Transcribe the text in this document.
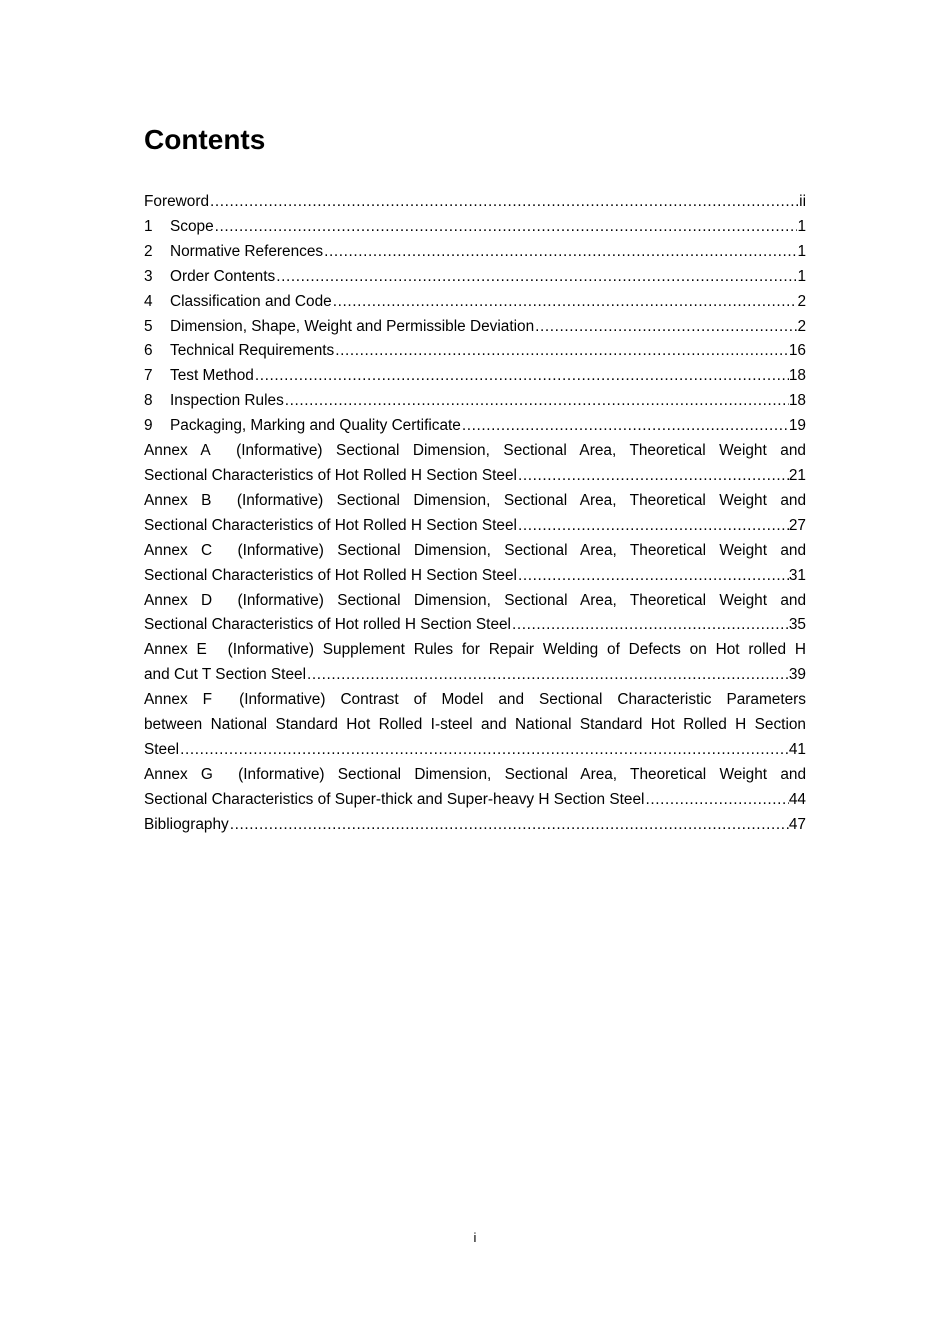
Contents
Foreword .....	ii
1 Scope .....	1
2 Normative References .....	1
3 Order Contents .....	1
4 Classification and Code .....	2
5 Dimension, Shape, Weight and Permissible Deviation .....	2
6 Technical Requirements .....	16
7 Test Method .....	18
8 Inspection Rules .....	18
9 Packaging, Marking and Quality Certificate .....	19
Annex A (Informative) Sectional Dimension, Sectional Area, Theoretical Weight and
Sectional Characteristics of Hot Rolled H Section Steel .....	21
Annex B (Informative) Sectional Dimension, Sectional Area, Theoretical Weight and
Sectional Characteristics of Hot Rolled H Section Steel .....	27
Annex C (Informative) Sectional Dimension, Sectional Area, Theoretical Weight and
Sectional Characteristics of Hot Rolled H Section Steel .....	31
Annex D (Informative) Sectional Dimension, Sectional Area, Theoretical Weight and
Sectional Characteristics of Hot rolled H Section Steel .....	35
Annex E (Informative) Supplement Rules for Repair Welding of Defects on Hot rolled H
and Cut T Section Steel .....	39
Annex F (Informative) Contrast of Model and Sectional Characteristic Parameters
between National Standard Hot Rolled I-steel and National Standard Hot Rolled H Section
Steel .....	41
Annex G (Informative) Sectional Dimension, Sectional Area, Theoretical Weight and
Sectional Characteristics of Super-thick and Super-heavy H Section Steel .....	44
Bibliography .....	47
i
